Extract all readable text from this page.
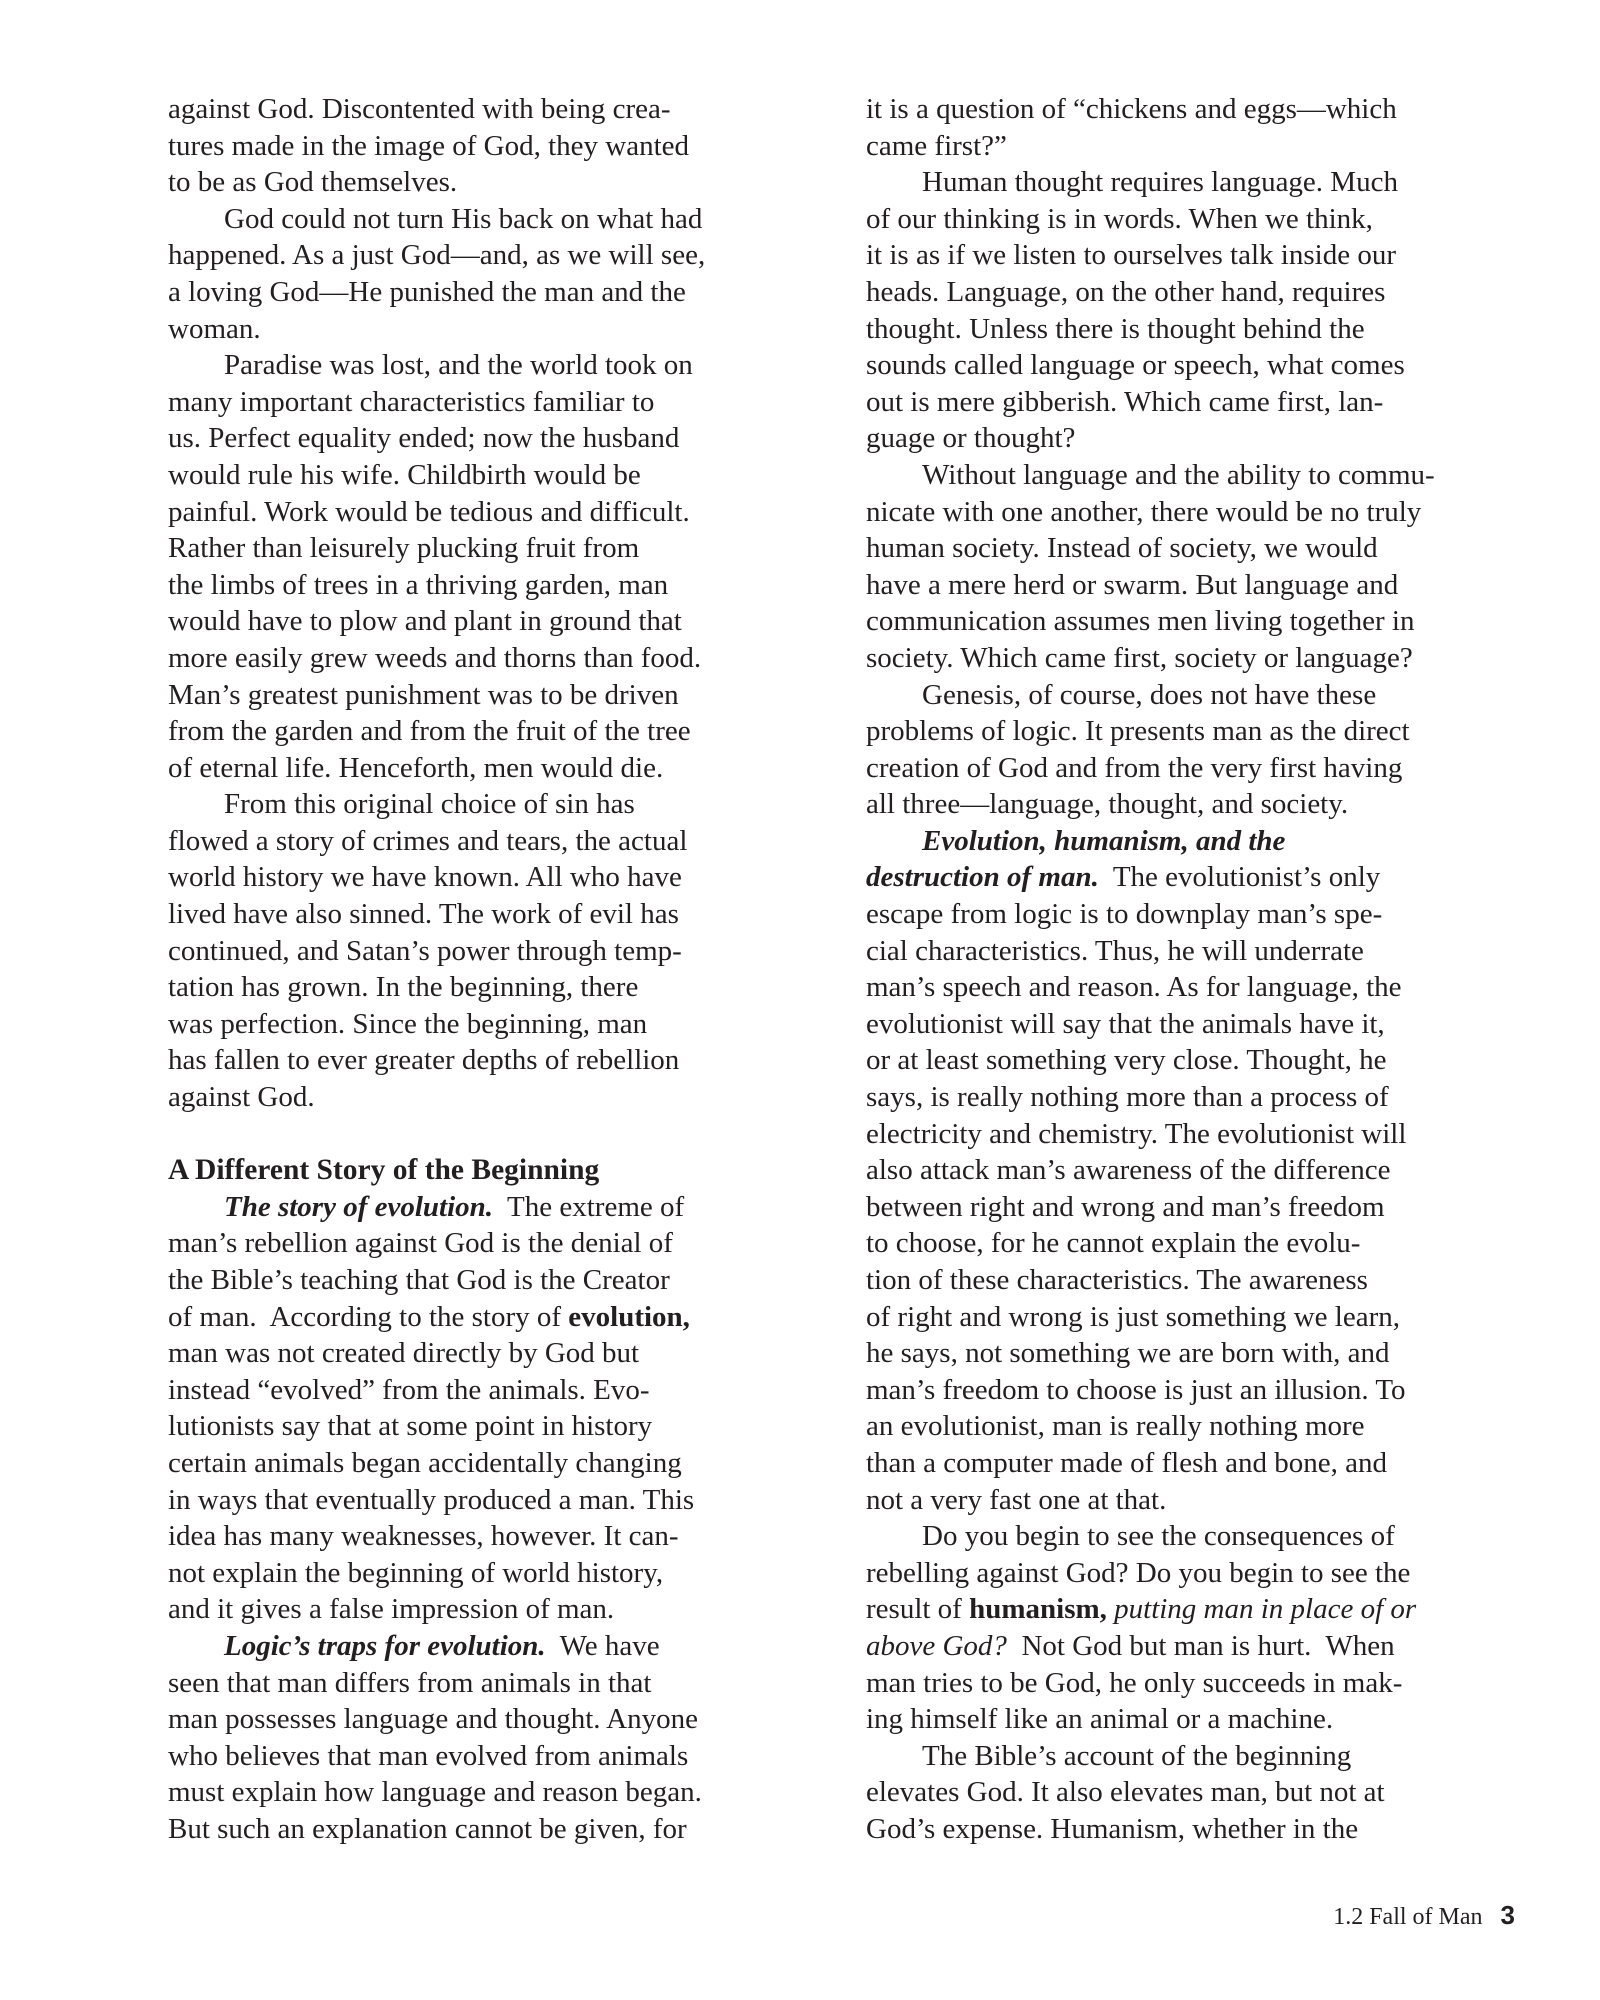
against God. Discontented with being crea-
tures made in the image of God, they wanted
to be as God themselves.
God could not turn His back on what had
happened. As a just God—and, as we will see,
a loving God—He punished the man and the
woman.
Paradise was lost, and the world took on
many important characteristics familiar to
us. Perfect equality ended; now the husband
would rule his wife. Childbirth would be
painful. Work would be tedious and difficult.
Rather than leisurely plucking fruit from
the limbs of trees in a thriving garden, man
would have to plow and plant in ground that
more easily grew weeds and thorns than food.
Man’s greatest punishment was to be driven
from the garden and from the fruit of the tree
of eternal life. Henceforth, men would die.
From this original choice of sin has
flowed a story of crimes and tears, the actual
world history we have known. All who have
lived have also sinned. The work of evil has
continued, and Satan’s power through temp-
tation has grown. In the beginning, there
was perfection. Since the beginning, man
has fallen to ever greater depths of rebellion
against God.
A Different Story of the Beginning
The story of evolution.  The extreme of
man’s rebellion against God is the denial of
the Bible’s teaching that God is the Creator
of man.  According to the story of evolution,
man was not created directly by God but
instead “evolved” from the animals. Evo-
lutionists say that at some point in history
certain animals began accidentally changing
in ways that eventually produced a man. This
idea has many weaknesses, however. It can-
not explain the beginning of world history,
and it gives a false impression of man.
Logic’s traps for evolution.  We have
seen that man differs from animals in that
man possesses language and thought. Anyone
who believes that man evolved from animals
must explain how language and reason began.
But such an explanation cannot be given, for
it is a question of “chickens and eggs—which
came first?”
Human thought requires language. Much
of our thinking is in words. When we think,
it is as if we listen to ourselves talk inside our
heads. Language, on the other hand, requires
thought. Unless there is thought behind the
sounds called language or speech, what comes
out is mere gibberish. Which came first, lan-
guage or thought?
Without language and the ability to commu-
nicate with one another, there would be no truly
human society. Instead of society, we would
have a mere herd or swarm. But language and
communication assumes men living together in
society. Which came first, society or language?
Genesis, of course, does not have these
problems of logic. It presents man as the direct
creation of God and from the very first having
all three—language, thought, and society.
Evolution, humanism, and the
destruction of man.  The evolutionist’s only
escape from logic is to downplay man’s spe-
cial characteristics. Thus, he will underrate
man’s speech and reason. As for language, the
evolutionist will say that the animals have it,
or at least something very close. Thought, he
says, is really nothing more than a process of
electricity and chemistry. The evolutionist will
also attack man’s awareness of the difference
between right and wrong and man’s freedom
to choose, for he cannot explain the evolu-
tion of these characteristics. The awareness
of right and wrong is just something we learn,
he says, not something we are born with, and
man’s freedom to choose is just an illusion. To
an evolutionist, man is really nothing more
than a computer made of flesh and bone, and
not a very fast one at that.
Do you begin to see the consequences of
rebelling against God? Do you begin to see the
result of humanism, putting man in place of or
above God?  Not God but man is hurt.  When
man tries to be God, he only succeeds in mak-
ing himself like an animal or a machine.
The Bible’s account of the beginning
elevates God. It also elevates man, but not at
God’s expense. Humanism, whether in the
1.2 Fall of Man 3
